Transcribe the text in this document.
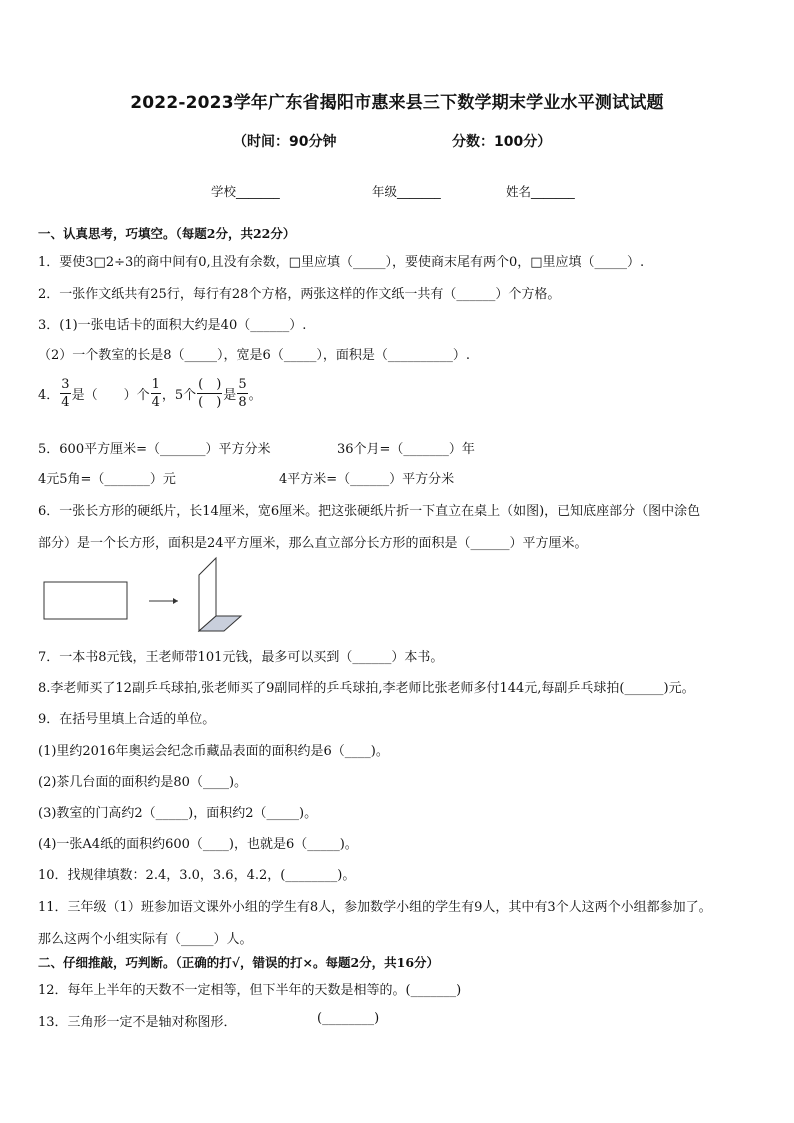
2022-2023学年广东省揭阳市惠来县三下数学期末学业水平测试试题
（时间：90分钟	分数：100分）
学校_______	年级_______	姓名_______
一、认真思考，巧填空。（每题2分，共22分）
1．要使3□2÷3的商中间有0,且没有余数，□里应填（_____），要使商末尾有两个0，□里应填（_____）.
2．一张作文纸共有25行，每行有28个方格，两张这样的作文纸一共有（______）个方格。
3．(1)一张电话卡的面积大约是40（______）.
（2）一个教室的长是8（_____），宽是6（_____），面积是（__________）.
4． $\frac{3}{4}$ 是（　　）个 $\frac{1}{4}$ ，5个 $\frac{( )}{( )}$ 是 $\frac{5}{8}$ 。
5．600平方厘米=（_______）平方分米	36个月=（_______）年
4元5角=（_______）元	4平方米=（______）平方分米
6．一张长方形的硬纸片，长14厘米，宽6厘米。把这张硬纸片折一下直立在桌上（如图)，已知底座部分（图中涂色
部分）是一个长方形，面积是24平方厘米，那么直立部分长方形的面积是（______）平方厘米。
7．一本书8元钱，王老师带101元钱，最多可以买到（______）本书。
8.李老师买了12副乒乓球拍,张老师买了9副同样的乒乓球拍,李老师比张老师多付144元,每副乒乓球拍(______)元。
9．在括号里填上合适的单位。
(1)里约2016年奥运会纪念币藏品表面的面积约是6（____)。
(2)茶几台面的面积约是80（____)。
(3)教室的门高约2（_____)，面积约2（_____)。
(4)一张A4纸的面积约600（____)，也就是6（_____)。
10．找规律填数：2.4，3.0，3.6，4.2，(________)。
11．三年级（1）班参加语文课外小组的学生有8人，参加数学小组的学生有9人，其中有3个人这两个小组都参加了。
那么这两个小组实际有（_____）人。
二、仔细推敲，巧判断。（正确的打√，错误的打×。每题2分，共16分）
12．每年上半年的天数不一定相等，但下半年的天数是相等的。(_______)
13．三角形一定不是轴对称图形．	(________)
